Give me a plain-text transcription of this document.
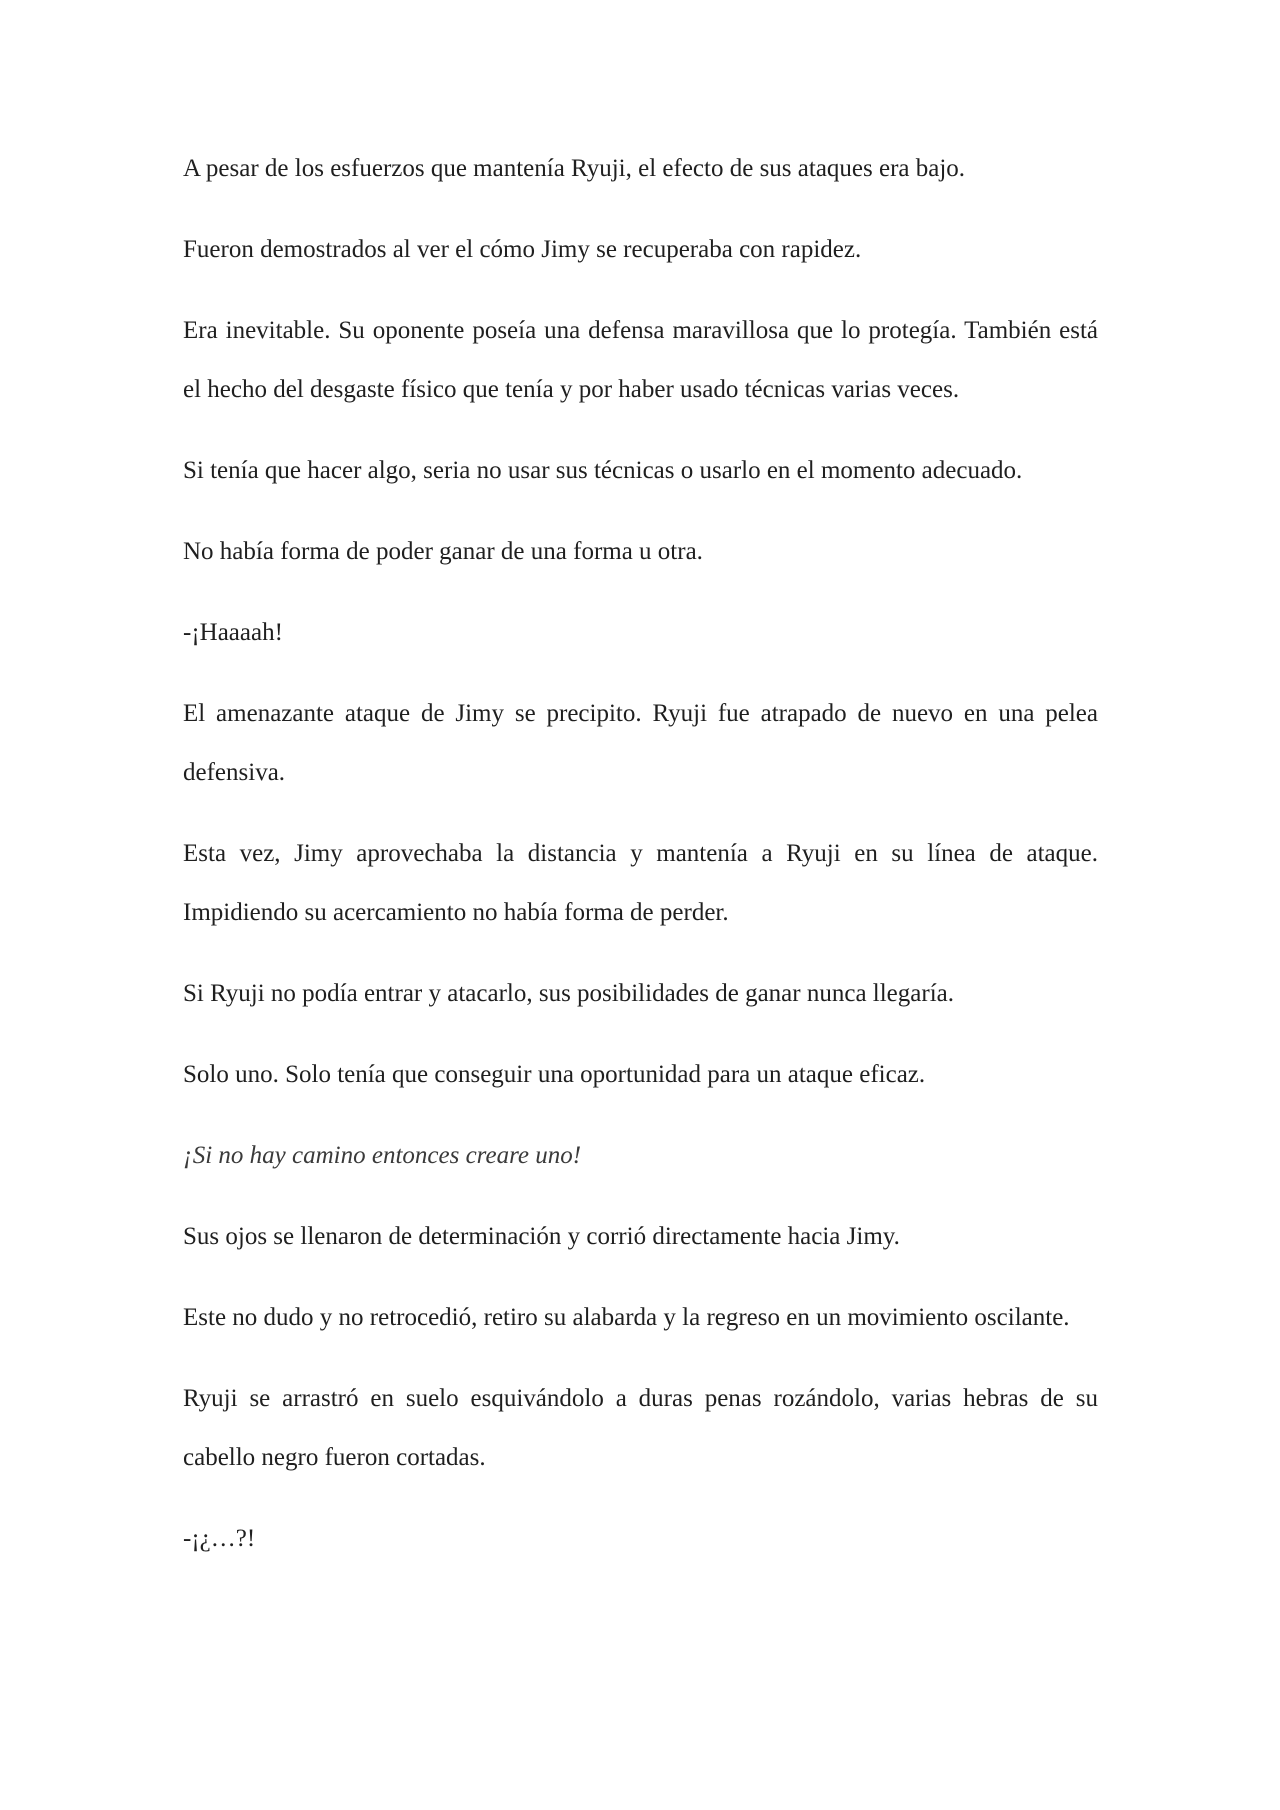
A pesar de los esfuerzos que mantenía Ryuji, el efecto de sus ataques era bajo.

Fueron demostrados al ver el cómo Jimy se recuperaba con rapidez.

Era inevitable. Su oponente poseía una defensa maravillosa que lo protegía. También está el hecho del desgaste físico que tenía y por haber usado técnicas varias veces.

Si tenía que hacer algo, seria no usar sus técnicas o usarlo en el momento adecuado.

No había forma de poder ganar de una forma u otra.

-¡Haaaah!

El amenazante ataque de Jimy se precipito. Ryuji fue atrapado de nuevo en una pelea defensiva.

Esta vez, Jimy aprovechaba la distancia y mantenía a Ryuji en su línea de ataque. Impidiendo su acercamiento no había forma de perder.

Si Ryuji no podía entrar y atacarlo, sus posibilidades de ganar nunca llegaría.

Solo uno. Solo tenía que conseguir una oportunidad para un ataque eficaz.

¡Si no hay camino entonces creare uno!

Sus ojos se llenaron de determinación y corrió directamente hacia Jimy.

Este no dudo y no retrocedió, retiro su alabarda y la regreso en un movimiento oscilante.

Ryuji se arrastró en suelo esquivándolo a duras penas rozándolo, varias hebras de su cabello negro fueron cortadas.

-¡¿…?!
